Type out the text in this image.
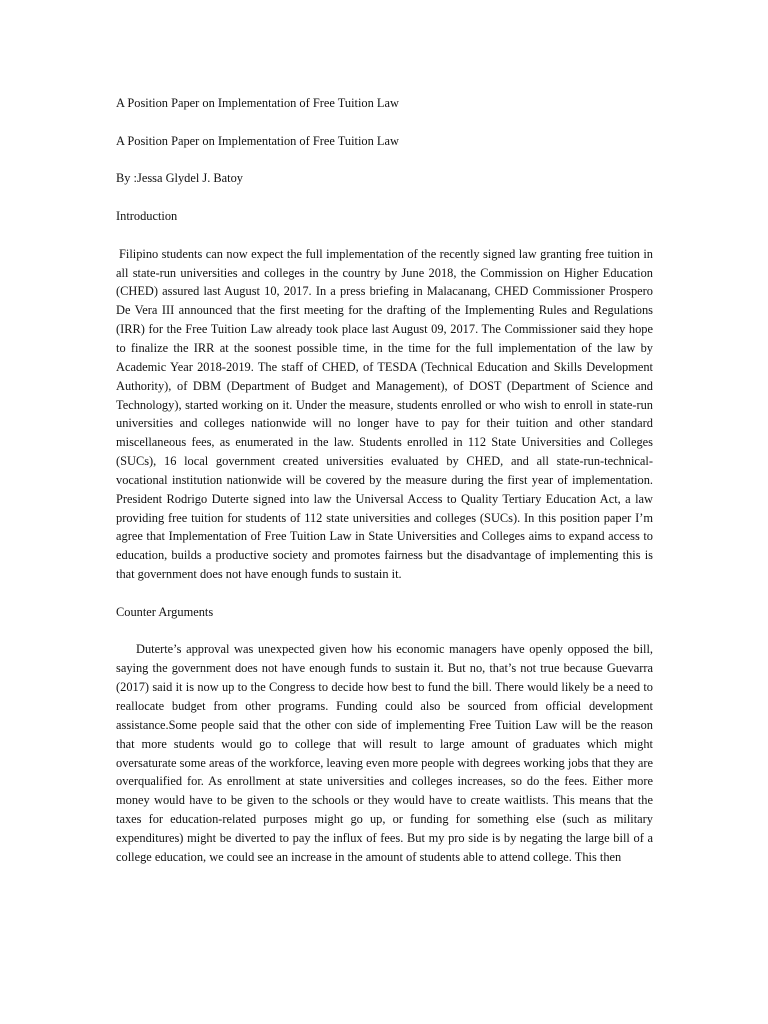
A Position Paper on Implementation of Free Tuition Law

A Position Paper on Implementation of Free Tuition Law

By :Jessa Glydel J. Batoy

Introduction

Filipino students can now expect the full implementation of the recently signed law granting free tuition in all state-run universities and colleges in the country by June 2018, the Commission on Higher Education (CHED) assured last August 10, 2017. In a press briefing in Malacanang, CHED Commissioner Prospero De Vera III announced that the first meeting for the drafting of the Implementing Rules and Regulations (IRR) for the Free Tuition Law already took place last August 09, 2017. The Commissioner said they hope to finalize the IRR at the soonest possible time, in the time for the full implementation of the law by Academic Year 2018-2019. The staff of CHED, of TESDA (Technical Education and Skills Development Authority), of DBM (Department of Budget and Management), of DOST (Department of Science and Technology), started working on it. Under the measure, students enrolled or who wish to enroll in state-run universities and colleges nationwide will no longer have to pay for their tuition and other standard miscellaneous fees, as enumerated in the law. Students enrolled in 112 State Universities and Colleges (SUCs), 16 local government created universities evaluated by CHED, and all state-run-technical-vocational institution nationwide will be covered by the measure during the first year of implementation. President Rodrigo Duterte signed into law the Universal Access to Quality Tertiary Education Act, a law providing free tuition for students of 112 state universities and colleges (SUCs). In this position paper I’m agree that Implementation of Free Tuition Law in State Universities and Colleges aims to expand access to education, builds a productive society and promotes fairness but the disadvantage of implementing this is that government does not have enough funds to sustain it.

Counter Arguments

Duterte’s approval was unexpected given how his economic managers have openly opposed the bill, saying the government does not have enough funds to sustain it. But no, that’s not true because Guevarra (2017) said it is now up to the Congress to decide how best to fund the bill. There would likely be a need to reallocate budget from other programs. Funding could also be sourced from official development assistance.Some people said that the other con side of implementing Free Tuition Law will be the reason that more students would go to college that will result to large amount of graduates which might oversaturate some areas of the workforce, leaving even more people with degrees working jobs that they are overqualified for. As enrollment at state universities and colleges increases, so do the fees. Either more money would have to be given to the schools or they would have to create waitlists. This means that the taxes for education-related purposes might go up, or funding for something else (such as military expenditures) might be diverted to pay the influx of fees. But my pro side is by negating the large bill of a college education, we could see an increase in the amount of students able to attend college. This then
